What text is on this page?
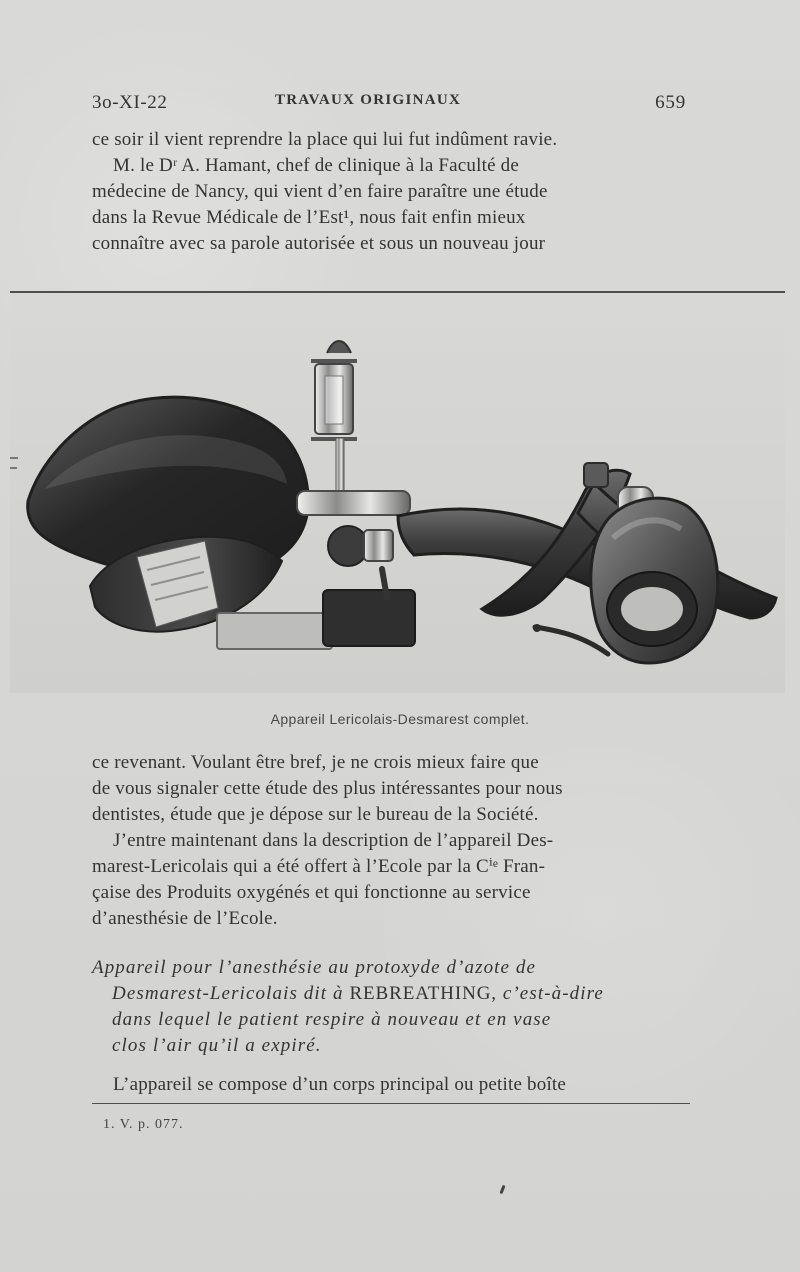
3o-XI-22	TRAVAUX ORIGINAUX	659

ce soir il vient reprendre la place qui lui fut indûment ravie.

M. le Dʳ A. Hamant, chef de clinique à la Faculté de

médecine de Nancy, qui vient d’en faire paraître une étude

dans la Revue Médicale de l’Est¹, nous fait enfin mieux

connaître avec sa parole autorisée et sous un nouveau jour

Appareil Lericolais-Desmarest complet.

ce revenant. Voulant être bref, je ne crois mieux faire que

de vous signaler cette étude des plus intéressantes pour nous

dentistes, étude que je dépose sur le bureau de la Société.

J’entre maintenant dans la description de l’appareil Des-

marest-Lericolais qui a été offert à l’Ecole par la Cⁱᵉ Fran-

çaise des Produits oxygénés et qui fonctionne au service

d’anesthésie de l’Ecole.

Appareil pour l’anesthésie au protoxyde d’azote de

Desmarest-Lericolais dit à REBREATHING, c’est-à-dire

dans lequel le patient respire à nouveau et en vase

clos l’air qu’il a expiré.

L’appareil se compose d’un corps principal ou petite boîte

1. V. p. 077.
